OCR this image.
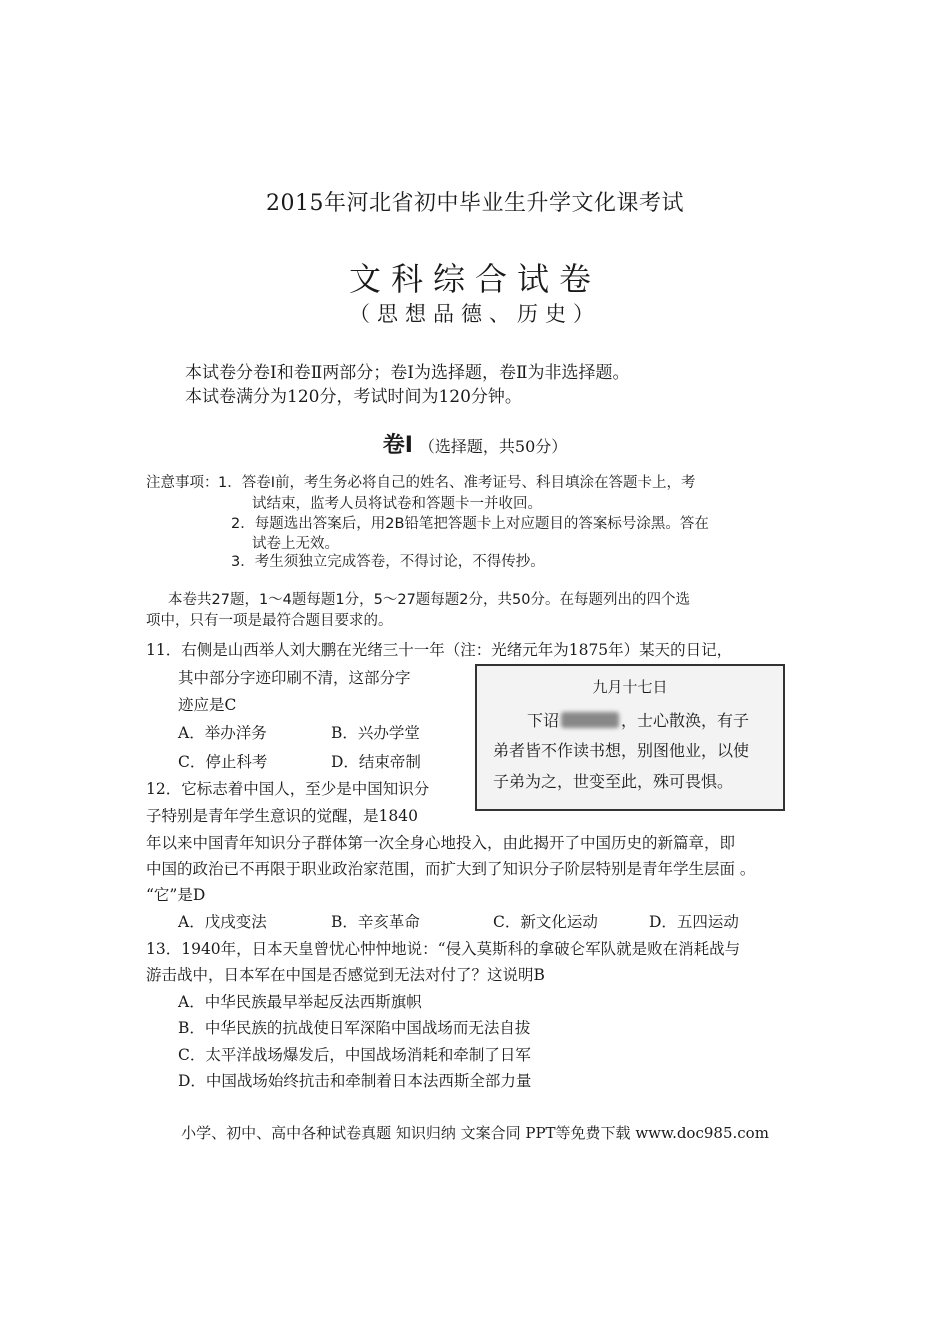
2015年河北省初中毕业生升学文化课考试
文科综合试卷
（思想品德、历史）
本试卷分卷Ⅰ和卷Ⅱ两部分；卷Ⅰ为选择题，卷Ⅱ为非选择题。
本试卷满分为120分，考试时间为120分钟。
卷Ⅰ （选择题，共50分）
注意事项： 1．答卷Ⅰ前，考生务必将自己的姓名、准考证号、科目填涂在答题卡上，考
试结束，监考人员将试卷和答题卡一并收回。
2．每题选出答案后，用2B铅笔把答题卡上对应题目的答案标号涂黑。答在
试卷上无效。
3．考生须独立完成答卷，不得讨论，不得传抄。
本卷共27题，1～4题每题1分，5～27题每题2分，共50分。在每题列出的四个选
项中，只有一项是最符合题目要求的。
11．右侧是山西举人刘大鹏在光绪三十一年（注：光绪元年为1875年）某天的日记，
其中部分字迹印刷不清，这部分字
迹应是C
A．举办洋务	B．兴办学堂
C．停止科考	D．结束帝制
九月十七日
下诏	，士心散涣，有子
弟者皆不作读书想，别图他业，以使
子弟为之，世变至此，殊可畏惧。
12．它标志着中国人，至少是中国知识分
子特别是青年学生意识的觉醒，是1840
年以来中国青年知识分子群体第一次全身心地投入，由此揭开了中国历史的新篇章，即
中国的政治已不再限于职业政治家范围，而扩大到了知识分子阶层特别是青年学生层面 。
“它”是D
A．戊戌变法	B．辛亥革命	C．新文化运动	D．五四运动
13．1940年，日本天皇曾忧心忡忡地说：“侵入莫斯科的拿破仑军队就是败在消耗战与
游击战中，日本军在中国是否感觉到无法对付了？这说明B
A．中华民族最早举起反法西斯旗帜
B．中华民族的抗战使日军深陷中国战场而无法自拔
C．太平洋战场爆发后，中国战场消耗和牵制了日军
D．中国战场始终抗击和牵制着日本法西斯全部力量
小学、初中、高中各种试卷真题 知识归纳 文案合同 PPT等免费下载 www.doc985.com
